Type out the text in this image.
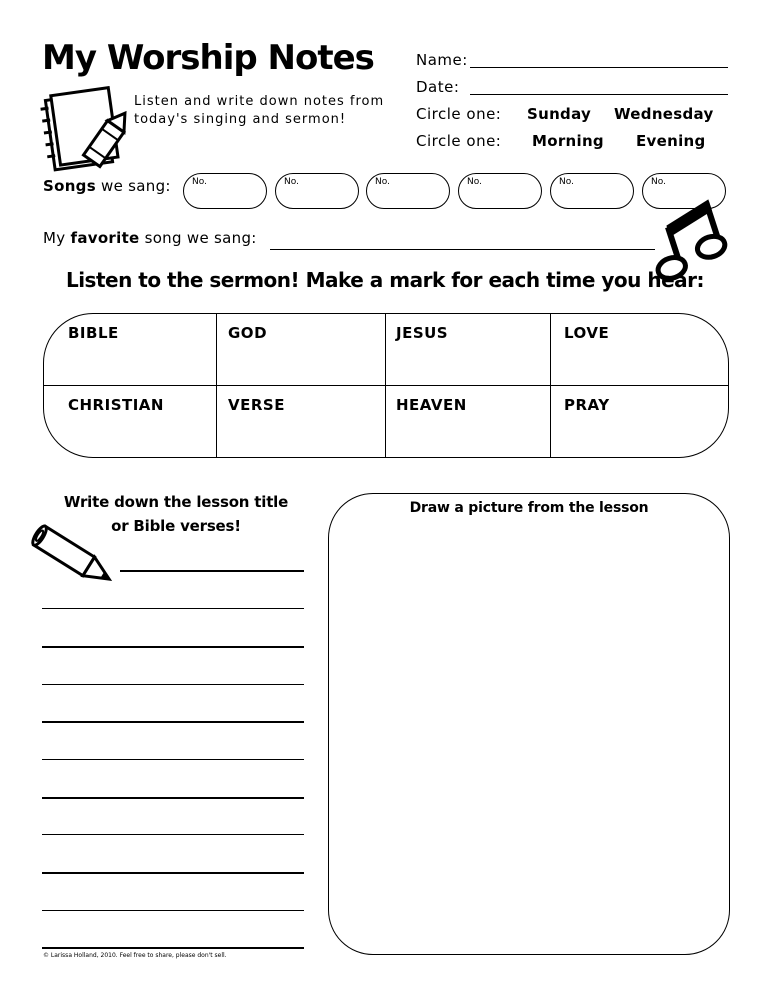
My Worship Notes
Listen and write down notes from today's singing and sermon!
Name:
Date:
Circle one: Sunday Wednesday
Circle one: Morning Evening
Songs we sang: No.	No.	No.	No.	No.	No.
My favorite song we sang:
Listen to the sermon! Make a mark for each time you hear:
BIBLE	GOD	JESUS	LOVE
CHRISTIAN	VERSE	HEAVEN	PRAY
Write down the lesson title
or Bible verses!
Draw a picture from the lesson
© Larissa Holland, 2010. Feel free to share, please don't sell.
